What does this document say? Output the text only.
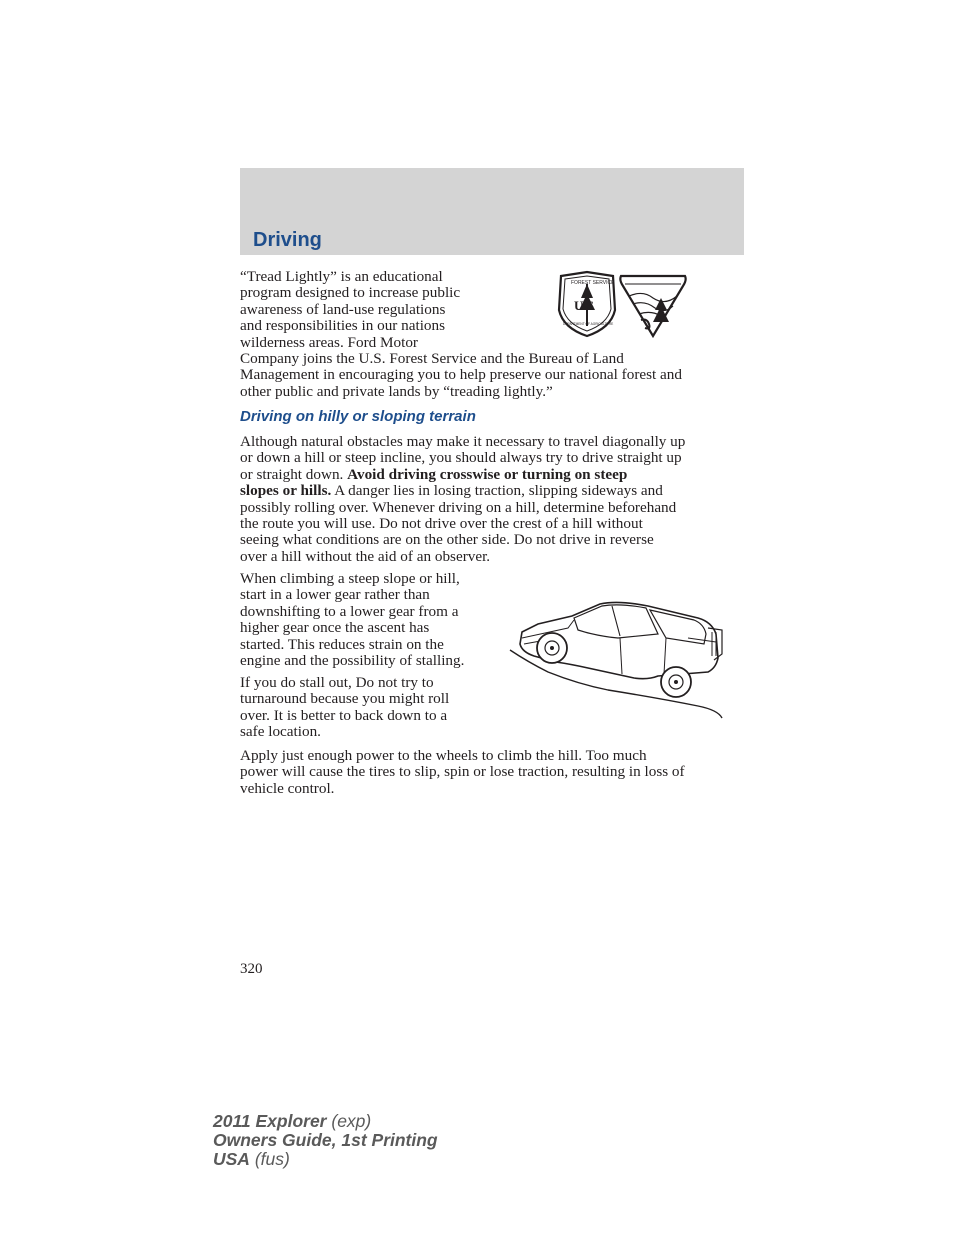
Driving
“Tread Lightly” is an educational
program designed to increase public
awareness of land-use regulations
and responsibilities in our nations
wilderness areas. Ford Motor
Company joins the U.S. Forest Service and the Bureau of Land
Management in encouraging you to help preserve our national forest and
other public and private lands by “treading lightly.”
U S
FOREST SERVICE
DEPARTMENT OF AGRICULTURE
Driving on hilly or sloping terrain
Although natural obstacles may make it necessary to travel diagonally up
or down a hill or steep incline, you should always try to drive straight up
or straight down. Avoid driving crosswise or turning on steep
slopes or hills. A danger lies in losing traction, slipping sideways and
possibly rolling over. Whenever driving on a hill, determine beforehand
the route you will use. Do not drive over the crest of a hill without
seeing what conditions are on the other side. Do not drive in reverse
over a hill without the aid of an observer.
When climbing a steep slope or hill,
start in a lower gear rather than
downshifting to a lower gear from a
higher gear once the ascent has
started. This reduces strain on the
engine and the possibility of stalling.
If you do stall out, Do not try to
turnaround because you might roll
over. It is better to back down to a
safe location.
Apply just enough power to the wheels to climb the hill. Too much
power will cause the tires to slip, spin or lose traction, resulting in loss of
vehicle control.
320
2011 Explorer (exp)
Owners Guide, 1st Printing
USA (fus)
